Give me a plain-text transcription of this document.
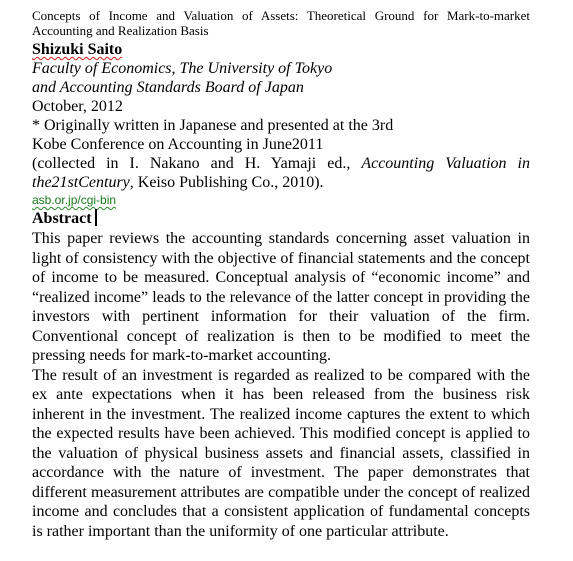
Concepts of Income and Valuation of Assets: Theoretical Ground for Mark-to-market Accounting and Realization Basis

Shizuki Saito

Faculty of Economics, The University of Tokyo

and Accounting Standards Board of Japan

October, 2012

* Originally written in Japanese and presented at the 3rd

Kobe Conference on Accounting in June2011

(collected in I. Nakano and H. Yamaji ed., Accounting Valuation in

the21stCentury, Keiso Publishing Co., 2010).

asb.or.jp/cgi-bin

Abstract

This paper reviews the accounting standards concerning asset valuation in light of consistency with the objective of financial statements and the concept of income to be measured. Conceptual analysis of “economic income” and “realized income” leads to the relevance of the latter concept in providing the investors with pertinent information for their valuation of the firm. Conventional concept of realization is then to be modified to meet the pressing needs for mark-to-market accounting.

The result of an investment is regarded as realized to be compared with the ex ante expectations when it has been released from the business risk inherent in the investment. The realized income captures the extent to which the expected results have been achieved. This modified concept is applied to the valuation of physical business assets and financial assets, classified in accordance with the nature of investment. The paper demonstrates that different measurement attributes are compatible under the concept of realized income and concludes that a consistent application of fundamental concepts is rather important than the uniformity of one particular attribute.
